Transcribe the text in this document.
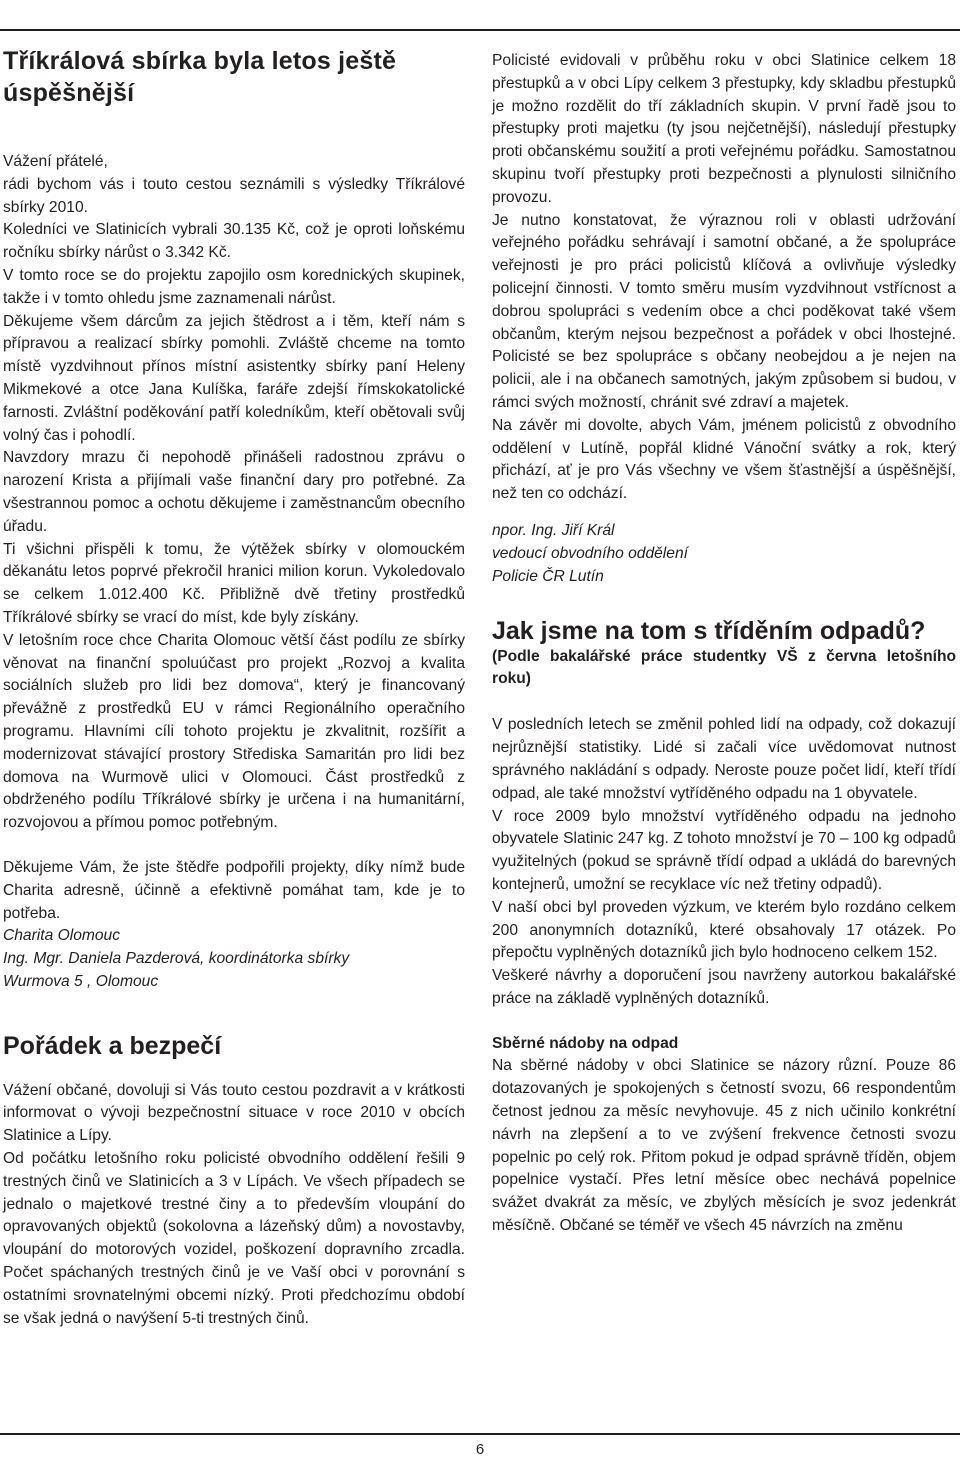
Tříkrálová sbírka byla letos ještě úspěšnější

Vážení přátelé,

rádi bychom vás i touto cestou seznámili s výsledky Tříkrálové sbírky 2010.

Koledníci ve Slatinicích vybrali 30.135 Kč, což je oproti loňskému ročníku sbírky nárůst o 3.342 Kč.

V tomto roce se do projektu zapojilo osm korednických skupinek, takže i v tomto ohledu jsme zaznamenali nárůst.

Děkujeme všem dárcům za jejich štědrost a i těm, kteří nám s přípravou a realizací sbírky pomohli. Zvláště chceme na tomto místě vyzdvihnout přínos místní asistentky sbírky paní Heleny Mikmekové a otce Jana Kulíška, faráře zdejší římskokatolické farnosti. Zvláštní poděkování patří koledníkům, kteří obětovali svůj volný čas i pohodlí.

Navzdory mrazu či nepohodě přinášeli radostnou zprávu o narození Krista a přijímali vaše finanční dary pro potřebné. Za všestrannou pomoc a ochotu děkujeme i zaměstnancům obecního úřadu.

Ti všichni přispěli k tomu, že výtěžek sbírky v olomouckém děkanátu letos poprvé překročil hranici milion korun. Vykoledovalo se celkem 1.012.400 Kč. Přibližně dvě třetiny prostředků Tříkrálové sbírky se vrací do míst, kde byly získány.

V letošním roce chce Charita Olomouc větší část podílu ze sbírky věnovat na finanční spoluúčast pro projekt „Rozvoj a kvalita sociálních služeb pro lidi bez domova“, který je financovaný převážně z prostředků EU v rámci Regionálního operačního programu. Hlavními cíli tohoto projektu je zkvalitnit, rozšířit a modernizovat stávající prostory Střediska Samaritán pro lidi bez domova na Wurmově ulici v Olomouci. Část prostředků z obdrženého podílu Tříkrálové sbírky je určena i na humanitární, rozvojovou a přímou pomoc potřebným.

Děkujeme Vám, že jste štědře podpořili projekty, díky nímž bude Charita adresně, účinně a efektivně pomáhat tam, kde je to potřeba.

Charita Olomouc

Ing. Mgr. Daniela Pazderová, koordinátorka sbírky

Wurmova 5 , Olomouc

Pořádek a bezpečí

Vážení občané, dovoluji si Vás touto cestou pozdravit a v krátkosti informovat o vývoji bezpečnostní situace v roce 2010 v obcích Slatinice a Lípy.

Od počátku letošního roku policisté obvodního oddělení řešili 9 trestných činů ve Slatinicích a 3 v Lípách. Ve všech případech se jednalo o majetkové trestné činy a to především vloupání do opravovaných objektů (sokolovna a lázeňský dům) a novostavby, vloupání do motorových vozidel, poškození dopravního zrcadla. Počet spáchaných trestných činů je ve Vaší obci v porovnání s ostatními srovnatelnými obcemi nízký. Proti předchozímu období se však jedná o navýšení 5-ti trestných činů.

Policisté evidovali v průběhu roku v obci Slatinice celkem 18 přestupků a v obci Lípy celkem 3 přestupky, kdy skladbu přestupků je možno rozdělit do tří základních skupin. V první řadě jsou to přestupky proti majetku (ty jsou nejčetnější), následují přestupky proti občanskému soužití a proti veřejnému pořádku. Samostatnou skupinu tvoří přestupky proti bezpečnosti a plynulosti silničního provozu.

Je nutno konstatovat, že výraznou roli v oblasti udržování veřejného pořádku sehrávají i samotní občané, a že spolupráce veřejnosti je pro práci policistů klíčová a ovlivňuje výsledky policejní činnosti. V tomto směru musím vyzdvihnout vstřícnost a dobrou spolupráci s vedením obce a chci poděkovat také všem občanům, kterým nejsou bezpečnost a pořádek v obci lhostejné. Policisté se bez spolupráce s občany neobejdou a je nejen na policii, ale i na občanech samotných, jakým způsobem si budou, v rámci svých možností, chránit své zdraví a majetek.

Na závěr mi dovolte, abych Vám, jménem policistů z obvodního oddělení v Lutíně, popřál klidné Vánoční svátky a rok, který přichází, ať je pro Vás všechny ve všem šťastnější a úspěšnější, než ten co odchází.

npor. Ing. Jiří Král

vedoucí obvodního oddělení

Policie ČR Lutín

Jak jsme na tom s tříděním odpadů?

(Podle bakalářské práce studentky VŠ z června letošního roku)

V posledních letech se změnil pohled lidí na odpady, což dokazují nejrůznější statistiky. Lidé si začali více uvědomovat nutnost správného nakládání s odpady. Neroste pouze počet lidí, kteří třídí odpad, ale také množství vytříděného odpadu na 1 obyvatele.

V roce 2009 bylo množství vytříděného odpadu na jednoho obyvatele Slatinic 247 kg. Z tohoto množství je 70 – 100 kg odpadů využitelných (pokud se správně třídí odpad a ukládá do barevných kontejnerů, umožní se recyklace víc než třetiny odpadů).

V naší obci byl proveden výzkum, ve kterém bylo rozdáno celkem 200 anonymních dotazníků, které obsahovaly 17 otázek. Po přepočtu vyplněných dotazníků jich bylo hodnoceno celkem 152.

Veškeré návrhy a doporučení jsou navrženy autorkou bakalářské práce na základě vyplněných dotazníků.

Sběrné nádoby na odpad

Na sběrné nádoby v obci Slatinice se názory různí. Pouze 86 dotazovaných je spokojených s četností svozu, 66 respondentům četnost jednou za měsíc nevyhovuje. 45 z nich učinilo konkrétní návrh na zlepšení a to ve zvýšení frekvence četnosti svozu popelnic po celý rok. Přitom pokud je odpad správně tříděn, objem popelnice vystačí. Přes letní měsíce obec nechává popelnice svážet dvakrát za měsíc, ve zbylých měsících je svoz jedenkrát měsíčně. Občané se téměř ve všech 45 návrzích na změnu

6
